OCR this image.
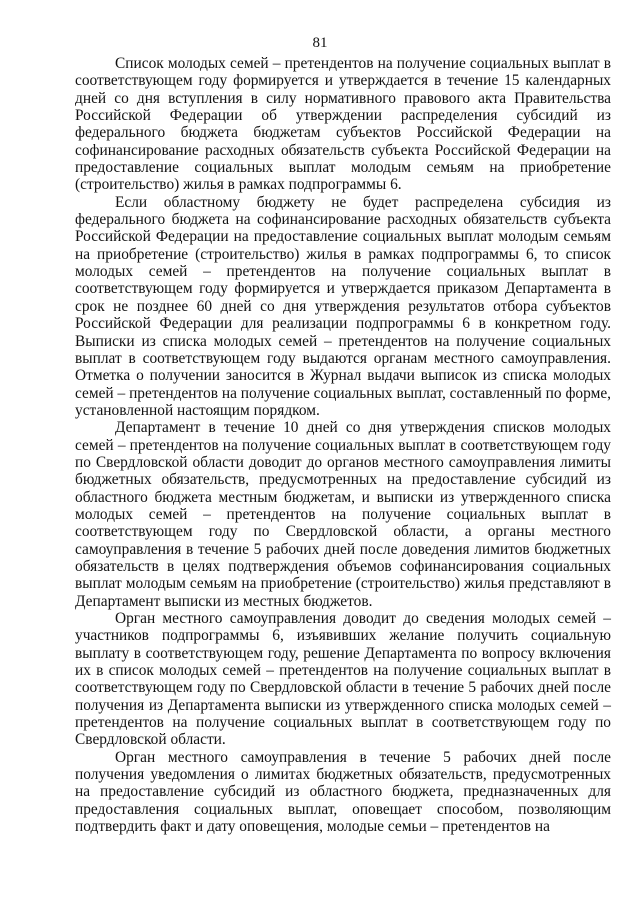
81

Список молодых семей – претендентов на получение социальных выплат в соответствующем году формируется и утверждается в течение 15 календарных дней со дня вступления в силу нормативного правового акта Правительства Российской Федерации об утверждении распределения субсидий из федерального бюджета бюджетам субъектов Российской Федерации на софинансирование расходных обязательств субъекта Российской Федерации на предоставление социальных выплат молодым семьям на приобретение (строительство) жилья в рамках подпрограммы 6.

Если областному бюджету не будет распределена субсидия из федерального бюджета на софинансирование расходных обязательств субъекта Российской Федерации на предоставление социальных выплат молодым семьям на приобретение (строительство) жилья в рамках подпрограммы 6, то список молодых семей – претендентов на получение социальных выплат в соответствующем году формируется и утверждается приказом Департамента в срок не позднее 60 дней со дня утверждения результатов отбора субъектов Российской Федерации для реализации подпрограммы 6 в конкретном году. Выписки из списка молодых семей – претендентов на получение социальных выплат в соответствующем году выдаются органам местного самоуправления. Отметка о получении заносится в Журнал выдачи выписок из списка молодых семей – претендентов на получение социальных выплат, составленный по форме, установленной настоящим порядком.

Департамент в течение 10 дней со дня утверждения списков молодых семей – претендентов на получение социальных выплат в соответствующем году по Свердловской области доводит до органов местного самоуправления лимиты бюджетных обязательств, предусмотренных на предоставление субсидий из областного бюджета местным бюджетам, и выписки из утвержденного списка молодых семей – претендентов на получение социальных выплат в соответствующем году по Свердловской области, а органы местного самоуправления в течение 5 рабочих дней после доведения лимитов бюджетных обязательств в целях подтверждения объемов софинансирования социальных выплат молодым семьям на приобретение (строительство) жилья представляют в Департамент выписки из местных бюджетов.

Орган местного самоуправления доводит до сведения молодых семей – участников подпрограммы 6, изъявивших желание получить социальную выплату в соответствующем году, решение Департамента по вопросу включения их в список молодых семей – претендентов на получение социальных выплат в соответствующем году по Свердловской области в течение 5 рабочих дней после получения из Департамента выписки из утвержденного списка молодых семей – претендентов на получение социальных выплат в соответствующем году по Свердловской области.

Орган местного самоуправления в течение 5 рабочих дней после получения уведомления о лимитах бюджетных обязательств, предусмотренных на предоставление субсидий из областного бюджета, предназначенных для предоставления социальных выплат, оповещает способом, позволяющим подтвердить факт и дату оповещения, молодые семьи – претендентов на
